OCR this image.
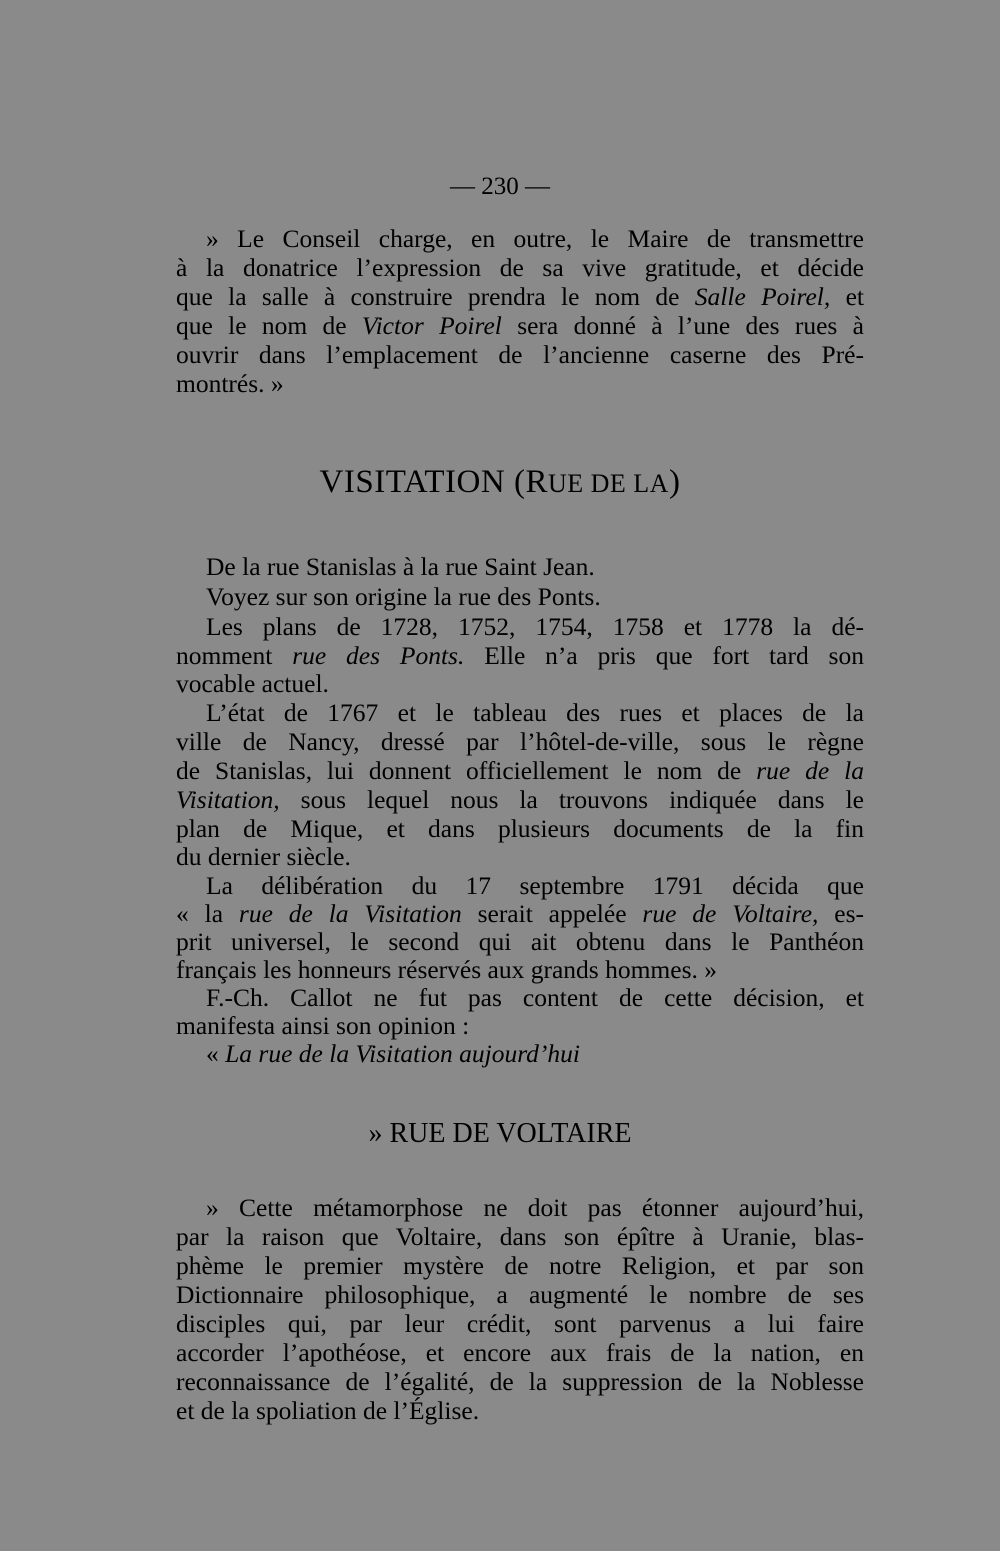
— 230 —
» Le Conseil charge, en outre, le Maire de transmettre
à la donatrice l’expression de sa vive gratitude, et décide
que la salle à construire prendra le nom de Salle Poirel, et
que le nom de Victor Poirel sera donné à l’une des rues à
ouvrir dans l’emplacement de l’ancienne caserne des Pré-
montrés. »
VISITATION (RUE DE LA)
De la rue Stanislas à la rue Saint Jean.
Voyez sur son origine la rue des Ponts.
Les plans de 1728, 1752, 1754, 1758 et 1778 la dé-
nomment rue des Ponts. Elle n’a pris que fort tard son
vocable actuel.
L’état de 1767 et le tableau des rues et places de la
ville de Nancy, dressé par l’hôtel-de-ville, sous le règne
de Stanislas, lui donnent officiellement le nom de rue de la
Visitation, sous lequel nous la trouvons indiquée dans le
plan de Mique, et dans plusieurs documents de la fin
du dernier siècle.
La délibération du 17 septembre 1791 décida que
« la rue de la Visitation serait appelée rue de Voltaire, es-
prit universel, le second qui ait obtenu dans le Panthéon
français les honneurs réservés aux grands hommes. »
F.-Ch. Callot ne fut pas content de cette décision, et
manifesta ainsi son opinion :
« La rue de la Visitation aujourd’hui
» RUE DE VOLTAIRE
» Cette métamorphose ne doit pas étonner aujourd’hui,
par la raison que Voltaire, dans son épître à Uranie, blas-
phème le premier mystère de notre Religion, et par son
Dictionnaire philosophique, a augmenté le nombre de ses
disciples qui, par leur crédit, sont parvenus a lui faire
accorder l’apothéose, et encore aux frais de la nation, en
reconnaissance de l’égalité, de la suppression de la Noblesse
et de la spoliation de l’Église.
